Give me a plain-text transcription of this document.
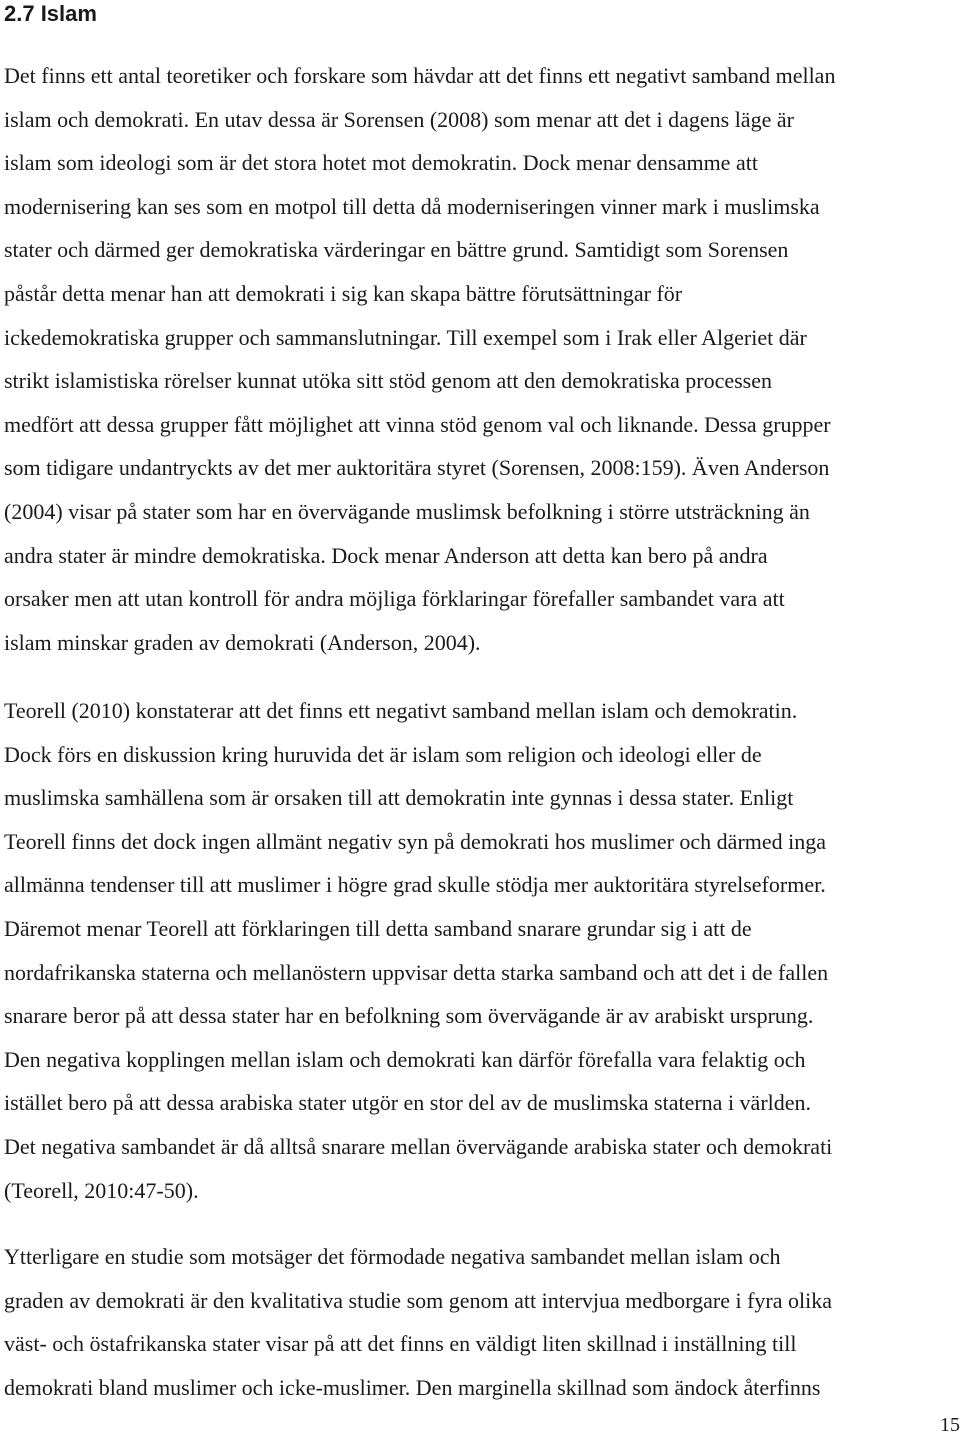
2.7 Islam

Det finns ett antal teoretiker och forskare som hävdar att det finns ett negativt samband mellan
islam och demokrati. En utav dessa är Sorensen (2008) som menar att det i dagens läge är
islam som ideologi som är det stora hotet mot demokratin. Dock menar densamme att
modernisering kan ses som en motpol till detta då moderniseringen vinner mark i muslimska
stater och därmed ger demokratiska värderingar en bättre grund. Samtidigt som Sorensen
påstår detta menar han att demokrati i sig kan skapa bättre förutsättningar för
ickedemokratiska grupper och sammanslutningar. Till exempel som i Irak eller Algeriet där
strikt islamistiska rörelser kunnat utöka sitt stöd genom att den demokratiska processen
medfört att dessa grupper fått möjlighet att vinna stöd genom val och liknande. Dessa grupper
som tidigare undantryckts av det mer auktoritära styret (Sorensen, 2008:159). Även Anderson
(2004) visar på stater som har en övervägande muslimsk befolkning i större utsträckning än
andra stater är mindre demokratiska. Dock menar Anderson att detta kan bero på andra
orsaker men att utan kontroll för andra möjliga förklaringar förefaller sambandet vara att
islam minskar graden av demokrati (Anderson, 2004).

Teorell (2010) konstaterar att det finns ett negativt samband mellan islam och demokratin.
Dock förs en diskussion kring huruvida det är islam som religion och ideologi eller de
muslimska samhällena som är orsaken till att demokratin inte gynnas i dessa stater. Enligt
Teorell finns det dock ingen allmänt negativ syn på demokrati hos muslimer och därmed inga
allmänna tendenser till att muslimer i högre grad skulle stödja mer auktoritära styrelseformer.
Däremot menar Teorell att förklaringen till detta samband snarare grundar sig i att de
nordafrikanska staterna och mellanöstern uppvisar detta starka samband och att det i de fallen
snarare beror på att dessa stater har en befolkning som övervägande är av arabiskt ursprung.
Den negativa kopplingen mellan islam och demokrati kan därför förefalla vara felaktig och
istället bero på att dessa arabiska stater utgör en stor del av de muslimska staterna i världen.
Det negativa sambandet är då alltså snarare mellan övervägande arabiska stater och demokrati
(Teorell, 2010:47-50).

Ytterligare en studie som motsäger det förmodade negativa sambandet mellan islam och
graden av demokrati är den kvalitativa studie som genom att intervjua medborgare i fyra olika
väst- och östafrikanska stater visar på att det finns en väldigt liten skillnad i inställning till
demokrati bland muslimer och icke-muslimer. Den marginella skillnad som ändock återfinns

15
